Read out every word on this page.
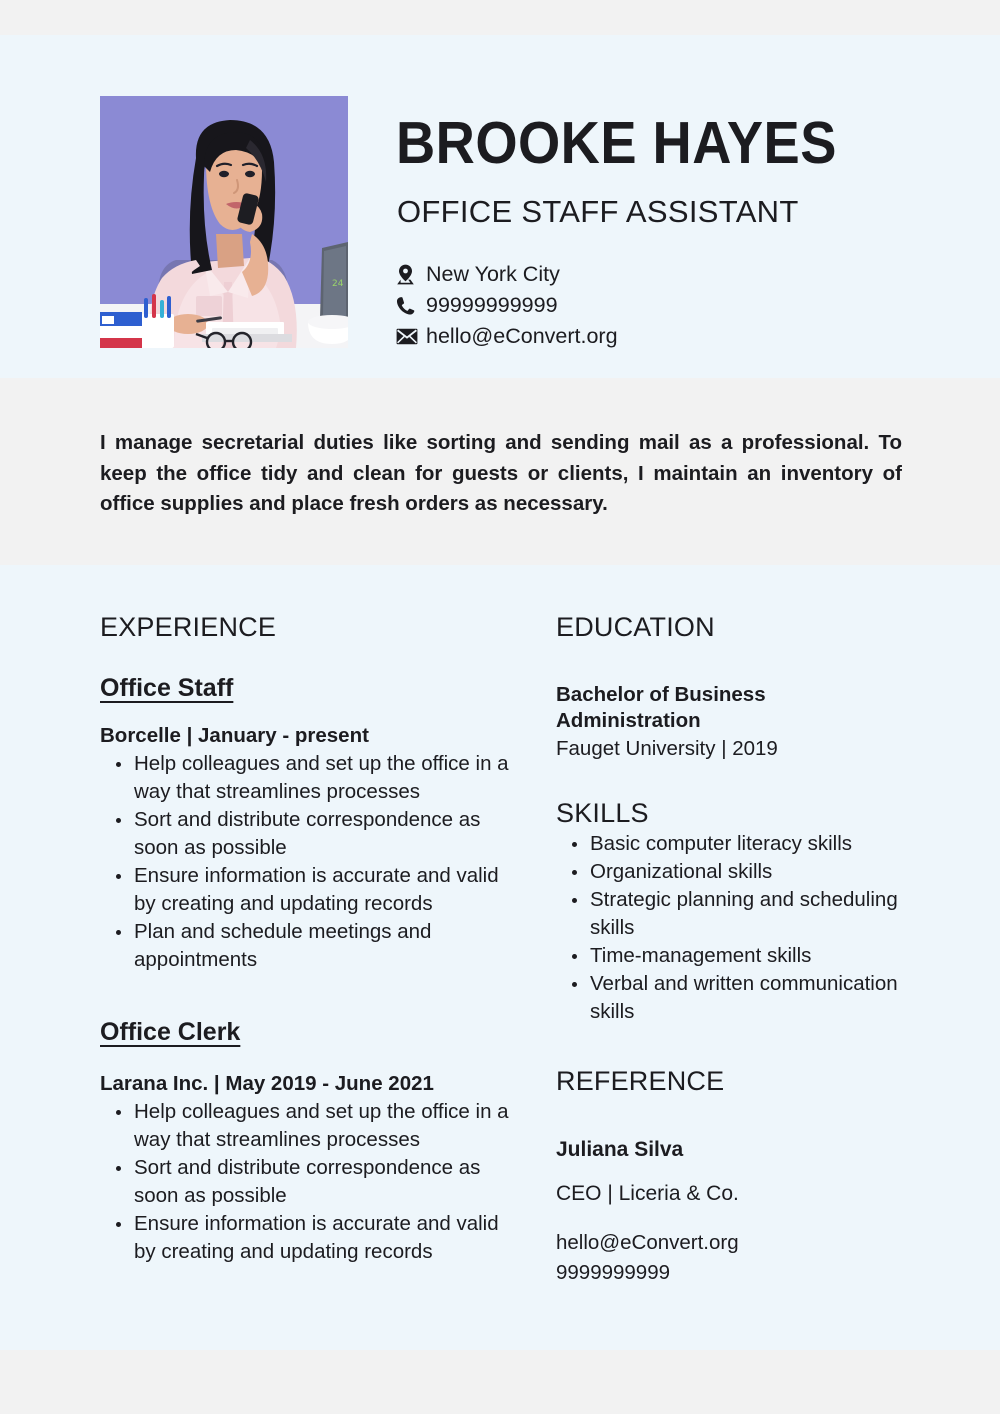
24
BROOKE HAYES
OFFICE STAFF ASSISTANT
New York City
99999999999
hello@eConvert.org
I manage secretarial duties like sorting and sending mail as a professional. To keep the office tidy and clean for guests or clients, I maintain an inventory of office supplies and place fresh orders as necessary.
EXPERIENCE
Office Staff
Borcelle | January - present
Help colleagues and set up the office in a way that streamlines processes
Sort and distribute correspondence as soon as possible
Ensure information is accurate and valid by creating and updating records
Plan and schedule meetings and appointments
Office Clerk
Larana Inc. | May 2019 - June 2021
Help colleagues and set up the office in a way that streamlines processes
Sort and distribute correspondence as soon as possible
Ensure information is accurate and valid by creating and updating records
EDUCATION
Bachelor of Business Administration
Fauget University | 2019
SKILLS
Basic computer literacy skills
Organizational skills
Strategic planning and scheduling skills
Time-management skills
Verbal and written communication skills
REFERENCE
Juliana Silva
CEO | Liceria & Co.
hello@eConvert.org
9999999999
